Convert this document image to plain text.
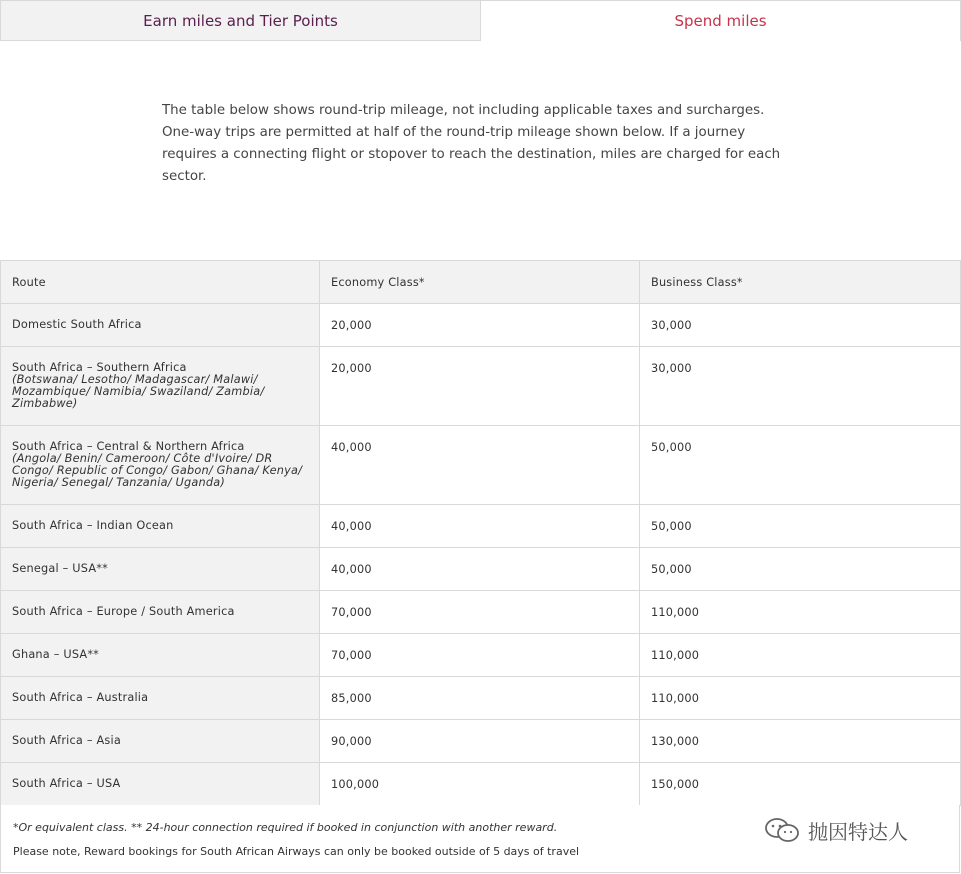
Earn miles and Tier Points	Spend miles

The table below shows round-trip mileage, not including applicable taxes and surcharges. One-way trips are permitted at half of the round-trip mileage shown below. If a journey requires a connecting flight or stopover to reach the destination, miles are charged for each sector.

Route	Economy Class*	Business Class*

Domestic South Africa	20,000	30,000

South Africa – Southern Africa
(Botswana/ Lesotho/ Madagascar/ Malawi/ Mozambique/ Namibia/ Swaziland/ Zambia/ Zimbabwe)	20,000	30,000

South Africa – Central & Northern Africa
(Angola/ Benin/ Cameroon/ Côte d'Ivoire/ DR Congo/ Republic of Congo/ Gabon/ Ghana/ Kenya/ Nigeria/ Senegal/ Tanzania/ Uganda)	40,000	50,000

South Africa – Indian Ocean	40,000	50,000

Senegal – USA**	40,000	50,000

South Africa – Europe / South America	70,000	110,000

Ghana – USA**	70,000	110,000

South Africa – Australia	85,000	110,000

South Africa – Asia	90,000	130,000

South Africa – USA	100,000	150,000

*Or equivalent class. ** 24-hour connection required if booked in conjunction with another reward.

Please note, Reward bookings for South African Airways can only be booked outside of 5 days of travel

抛因特达人
